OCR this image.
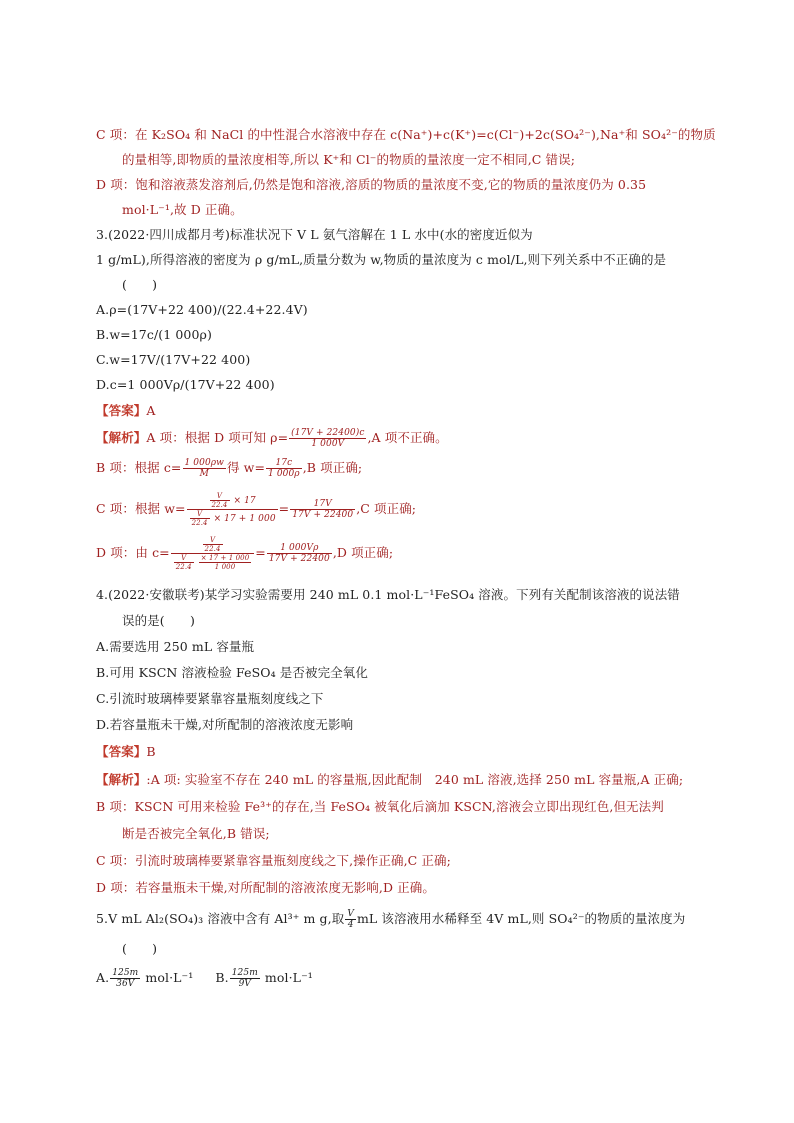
C 项：在 K₂SO₄ 和 NaCl 的中性混合水溶液中存在 c(Na⁺)+c(K⁺)=c(Cl⁻)+2c(SO₄²⁻),Na⁺和 SO₄²⁻的物质
的量相等,即物质的量浓度相等,所以 K⁺和 Cl⁻的物质的量浓度一定不相同,C 错误;
D 项：饱和溶液蒸发溶剂后,仍然是饱和溶液,溶质的物质的量浓度不变,它的物质的量浓度仍为 0.35
mol·L⁻¹,故 D 正确。
3.(2022·四川成都月考)标准状况下 V L 氨气溶解在 1 L 水中(水的密度近似为
1 g/mL),所得溶液的密度为 ρ g/mL,质量分数为 w,物质的量浓度为 c mol/L,则下列关系中不正确的是
(　　)
A.ρ=(17V+22 400)/(22.4+22.4V)
B.w=17c/(1 000ρ)
C.w=17V/(17V+22 400)
D.c=1 000Vρ/(17V+22 400)
【答案】A
【解析】A 项：根据 D 项可知 $\rho= \frac{(17V + 22400)c}{1 000V} ,A$ 项不正确。
B 项：根据 $c= \frac{1 000\rho w}{M}$ 得 $w= \frac{17c}{1 000\rho} ,B$ 项正确;
C 项：根据 $w= \frac{\frac{V}{22.4} \times 17}{\frac{V}{22.4} \times 17 + 1 000} = \frac{17V}{17V + 22400} ,C$ 项正确;
D 项：由 $c= \frac{V}{22.4}$
$\frac{V}{22.4}$
$\frac{\times 17 + 1 000}{1 000} = \frac{1 000V\rho}{17V + 22400} ,D$ 项正确;
4.(2022·安徽联考)某学习实验需要用 240 mL 0.1 mol·L⁻¹FeSO₄ 溶液。下列有关配制该溶液的说法错
误的是(　　)
A.需要选用 250 mL 容量瓶
B.可用 KSCN 溶液检验 FeSO₄ 是否被完全氧化
C.引流时玻璃棒要紧靠容量瓶刻度线之下
D.若容量瓶未干燥,对所配制的溶液浓度无影响
【答案】B
【解析】:A 项: 实验室不存在 240 mL 的容量瓶,因此配制　240 mL 溶液,选择 250 mL 容量瓶,A 正确;
B 项：KSCN 可用来检验 Fe³⁺的存在,当 FeSO₄ 被氧化后滴加 KSCN,溶液会立即出现红色,但无法判
断是否被完全氧化,B 错误;
C 项：引流时玻璃棒要紧靠容量瓶刻度线之下,操作正确,C 正确;
D 项：若容量瓶未干燥,对所配制的溶液浓度无影响,D 正确。
5.V mL Al₂(SO₄)₃ 溶液中含有 Al³⁺ m g,取 $\frac{V}{4}$ mL 该溶液用水稀释至 4V mL,则 SO₄²⁻的物质的量浓度为
(　　)
A. $\frac{125m}{36V} mol\cdot L^{-1}$ B. $\frac{125m}{9V} mol\cdot L^{-1}$
